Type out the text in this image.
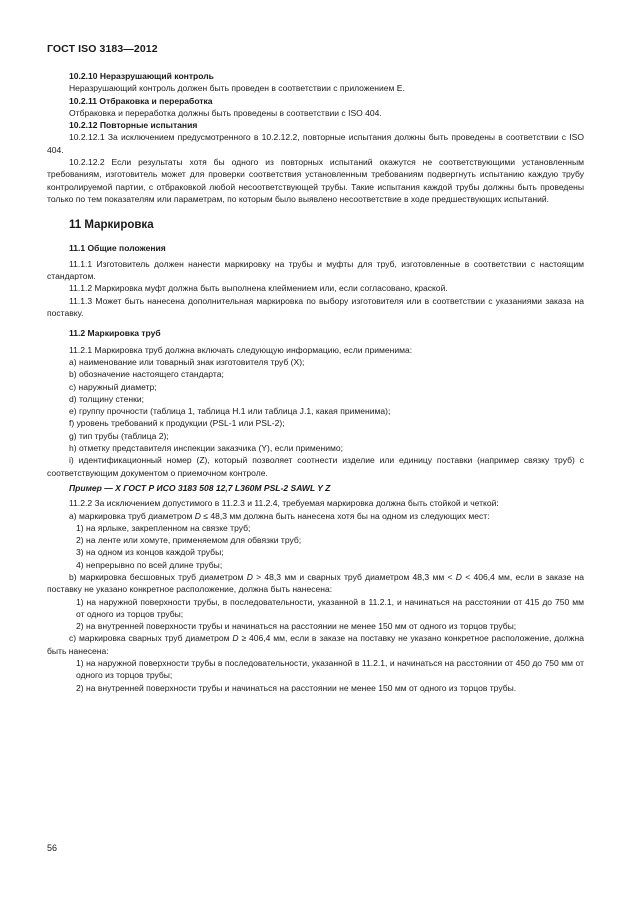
ГОСТ ISO 3183—2012

10.2.10 Неразрушающий контроль

Неразрушающий контроль должен быть проведен в соответствии с приложением E.

10.2.11 Отбраковка и переработка

Отбраковка и переработка должны быть проведены в соответствии с ISO 404.

10.2.12 Повторные испытания

10.2.12.1 За исключением предусмотренного в 10.2.12.2, повторные испытания должны быть проведены в соответствии с ISO 404.

10.2.12.2 Если результаты хотя бы одного из повторных испытаний окажутся не соответствующими установленным требованиям, изготовитель может для проверки соответствия установленным требованиям подвергнуть испытанию каждую трубу контролируемой партии, с отбраковкой любой несоответствующей трубы. Такие испытания каждой трубы должны быть проведены только по тем показателям или параметрам, по которым было выявлено несоответствие в ходе предшествующих испытаний.

11 Маркировка

11.1 Общие положения

11.1.1 Изготовитель должен нанести маркировку на трубы и муфты для труб, изготовленные в соответствии с настоящим стандартом.

11.1.2 Маркировка муфт должна быть выполнена клеймением или, если согласовано, краской.

11.1.3 Может быть нанесена дополнительная маркировка по выбору изготовителя или в соответствии с указаниями заказа на поставку.

11.2 Маркировка труб

11.2.1 Маркировка труб должна включать следующую информацию, если применима:

a) наименование или товарный знак изготовителя труб (X);

b) обозначение настоящего стандарта;

c) наружный диаметр;

d) толщину стенки;

e) группу прочности (таблица 1, таблица H.1 или таблица J.1, какая применима);

f) уровень требований к продукции (PSL-1 или PSL-2);

g) тип трубы (таблица 2);

h) отметку представителя инспекции заказчика (Y), если применимо;

i) идентификационный номер (Z), который позволяет соотнести изделие или единицу поставки (например связку труб) с соответствующим документом о приемочном контроле.

Пример — X ГОСТ Р ИСО 3183 508 12,7 L360M PSL-2 SAWL Y Z

11.2.2 За исключением допустимого в 11.2.3 и 11.2.4, требуемая маркировка должна быть стойкой и четкой:

a) маркировка труб диаметром D ≤ 48,3 мм должна быть нанесена хотя бы на одном из следующих мест:

1) на ярлыке, закрепленном на связке труб;

2) на ленте или хомуте, применяемом для обвязки труб;

3) на одном из концов каждой трубы;

4) непрерывно по всей длине трубы;

b) маркировка бесшовных труб диаметром D > 48,3 мм и сварных труб диаметром 48,3 мм < D < 406,4 мм, если в заказе на поставку не указано конкретное расположение, должна быть нанесена:

1) на наружной поверхности трубы, в последовательности, указанной в 11.2.1, и начинаться на расстоянии от 415 до 750 мм от одного из торцов трубы;

2) на внутренней поверхности трубы и начинаться на расстоянии не менее 150 мм от одного из торцов трубы;

c) маркировка сварных труб диаметром D ≥ 406,4 мм, если в заказе на поставку не указано конкретное расположение, должна быть нанесена:

1) на наружной поверхности трубы в последовательности, указанной в 11.2.1, и начинаться на расстоянии от 450 до 750 мм от одного из торцов трубы;

2) на внутренней поверхности трубы и начинаться на расстоянии не менее 150 мм от одного из торцов трубы.

56
